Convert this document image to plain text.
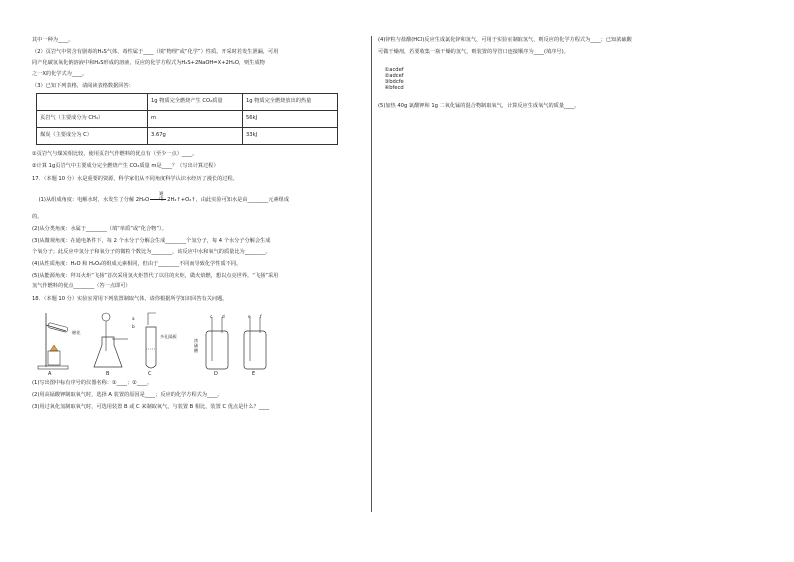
其中一种为____。

（2）页岩气中常含有剧毒的H₂S气体，毒性属于____（填“物理”或“化学”）性质。开采时若发生泄漏，可用

同产化碳氢氧化钠溶液中和H₂S形成的溶液，反应的化学方程式为H₂S+2NaOH=X+2H₂O，则生成物

之一X的化学式为____。

（3）已知下列表格，请阅读表格数据回答：

	1g 物质完全燃烧产生 CO₂质量	1g 物质完全燃烧放出的热量
页岩气（主要成分为 CH₄）	m	56kJ
煤炭（主要成分为 C）	3.67g	33kJ

①页岩气与煤炭相比较，使用页岩气作燃料的优点有（至少一点）____。

②计算 1g页岩气中主要成分完全燃烧产生 CO₂质量 m是____？（写出计算过程）

17．（本题 10 分）水是重要的资源，科学家们从不同角度科学认识水经历了漫长的过程。

(1)从组成角度：电解水时，水发生了分解 2H₂O
通电 2H₂↑+O₂↑，由此实验可知水是由________元素组成

的。

(2)从分类角度：水属于________（填“单质”或“化合物”）。

(3)从微观角度：在通电条件下，每 2 个水分子分解会生成________个氢分子，每 4 个水分子分解会生成

个氧分子；此反应中氢分子和氧分子的微粒个数比为________，该反应中水和氧气的质量比为________。

(4)从性质角度：H₂O 和 H₂O₂的组成元素相同，但由于________不同而导致化学性质不同。

(5)从能源角度：拜耳火炬“飞扬”首次采用氢火炬替代了以往的火炬，做火焰燃，想以点亮世界。“飞扬”采用

氢气作燃料的优点________（答一点即可）

18．（本题 10 分）实验室常用下列装置制取气体，请你根据所学知识回答有关问题。

棉花
A	B
多孔隔板
C
浓硫酸
c d
D
e f
E
a
b

(1)写出图中标有序号的仪器名称：①____；②____。

(2)用高锰酸钾制取氧气时，选择 A 装置的原因是____；反应的化学方程式为____。

(3)用过氧化氢制取氧气时，可选用装置 B 或 C 来制取氧气，与装置 B 相比，装置 C 优点是什么？____

(4)锌粒与盐酸(HCl)反应生成氯化锌和氢气，可用于实验室制取氢气，则反应的化学方程式为____；已知浓硫酸

可做干燥剂，若要收集一瓶干燥的氢气，则装置的导管口连接顺序为____(填序号)。

①acdef
②adcef
③bdcfe
④bfecd

(5)加热 40g 氯酸钾和 1g 二氧化锰的混合物制取氧气，计算反应生成氧气的质量____。
